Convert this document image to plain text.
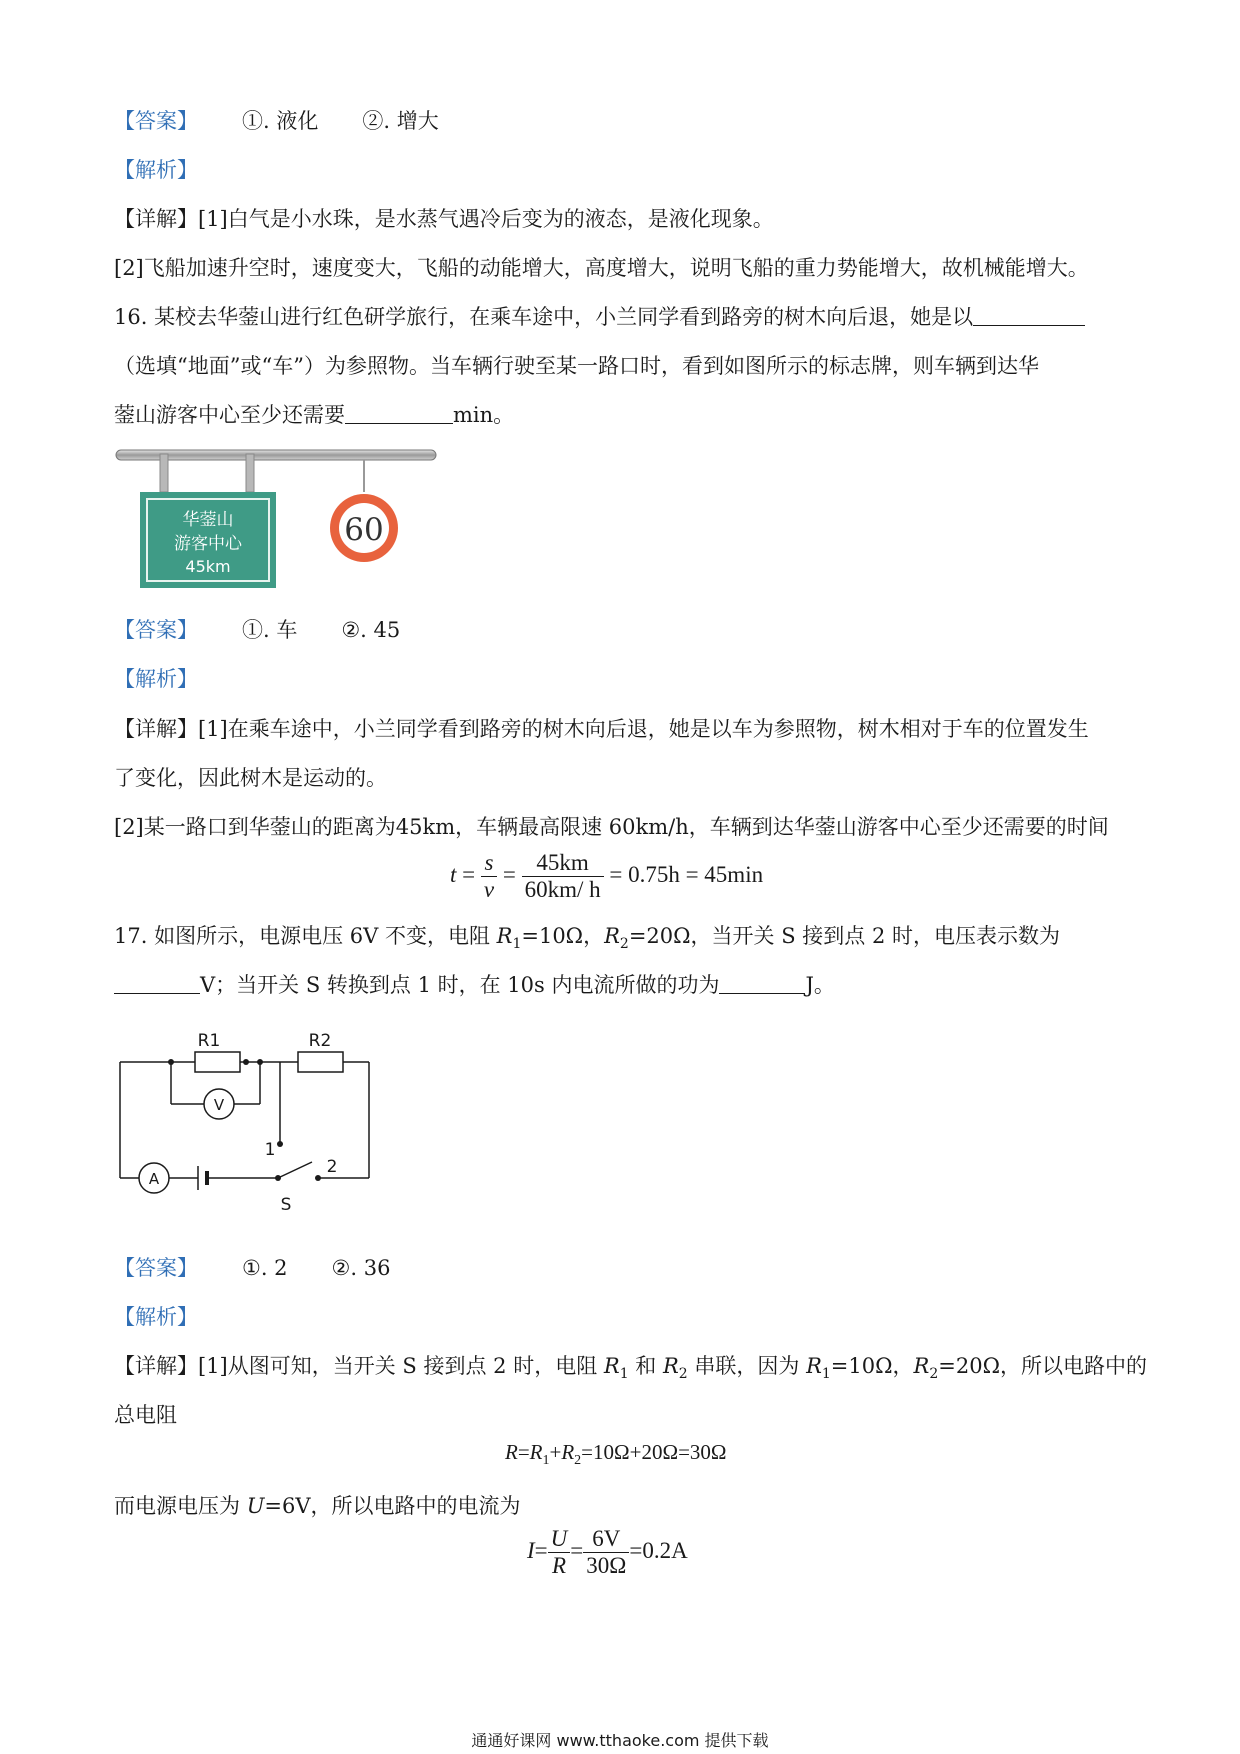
【答案】 ①. 液化 ②. 增大
【解析】
【详解】[1]白气是小水珠，是水蒸气遇冷后变为的液态，是液化现象。
[2]飞船加速升空时，速度变大，飞船的动能增大，高度增大，说明飞船的重力势能增大，故机械能增大。
16. 某校去华蓥山进行红色研学旅行，在乘车途中，小兰同学看到路旁的树木向后退，她是以
（选填“地面”或“车”）为参照物。当车辆行驶至某一路口时，看到如图所示的标志牌，则车辆到达华
蓥山游客中心至少还需要	min。
华蓥山
游客中心
45km
60
【答案】 ①. 车 ②. 45
【解析】
【详解】[1]在乘车途中，小兰同学看到路旁的树木向后退，她是以车为参照物，树木相对于车的位置发生
了变化，因此树木是运动的。
[2]某一路口到华蓥山的距离为45km，车辆最高限速 60km/h，车辆到达华蓥山游客中心至少还需要的时间
$t = \frac{s}{v} = \frac{45km}{60km/ h} = 0.75h = 45\min$
17. 如图所示，电源电压 6V 不变，电阻 $R_1=10\Omega$，$R_2=20\Omega$，当开关 S 接到点 2 时，电压表示数为
V；当开关 S 转换到点 1 时，在 10s 内电流所做的功为	J。
R1	R2
V
A
1
2
S
【答案】 ①. 2 ②. 36
【解析】
【详解】[1]从图可知，当开关 S 接到点 2 时，电阻 $R_1$ 和 $R_2$ 串联，因为 $R_1=10\Omega$，$R_2=20\Omega$，所以电路中的
总电阻
$R=R_1+R_2=10\Omega+20\Omega=30\Omega$
而电源电压为 U=6V，所以电路中的电流为
$I= \frac{U}{R} = \frac{6V}{30\Omega} =0.2A$
通通好课网 www.tthaoke.com 提供下载
